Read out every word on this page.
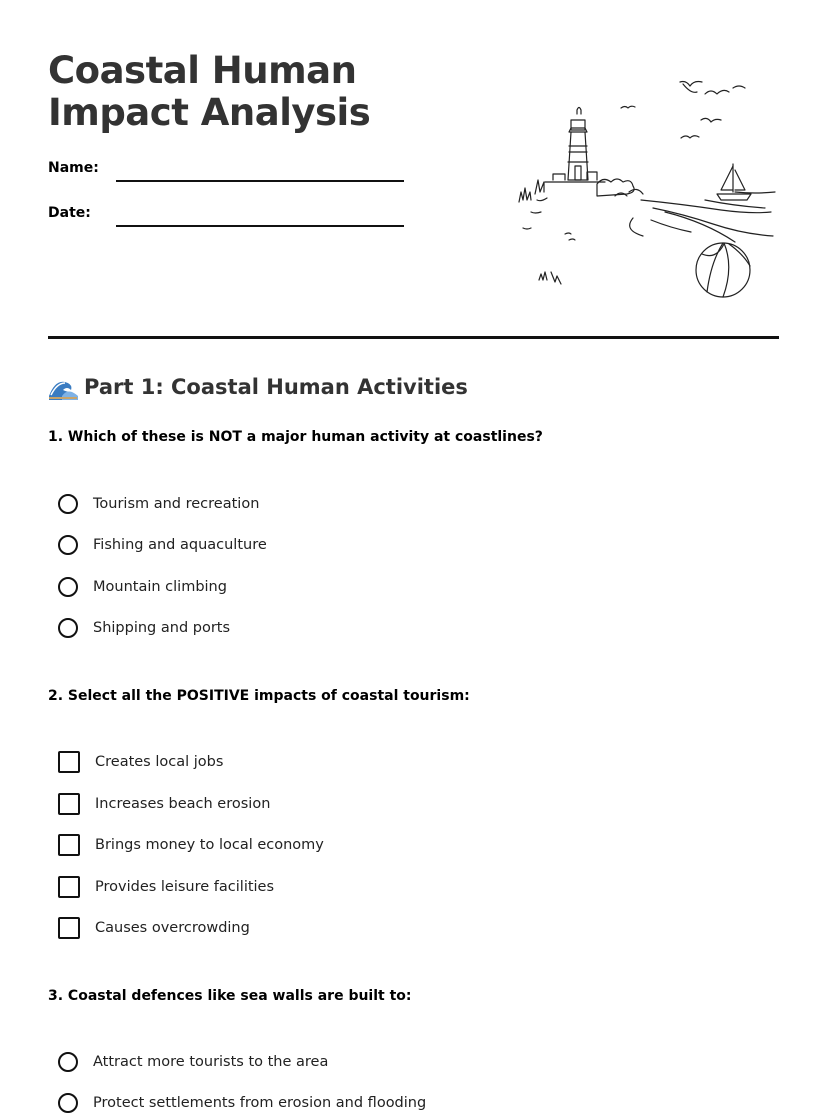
Coastal Human Impact Analysis
Name:
Date:
Part 1: Coastal Human Activities
1. Which of these is NOT a major human activity at coastlines?
Tourism and recreation
Fishing and aquaculture
Mountain climbing
Shipping and ports
2. Select all the POSITIVE impacts of coastal tourism:
Creates local jobs
Increases beach erosion
Brings money to local economy
Provides leisure facilities
Causes overcrowding
3. Coastal defences like sea walls are built to:
Attract more tourists to the area
Protect settlements from erosion and flooding
